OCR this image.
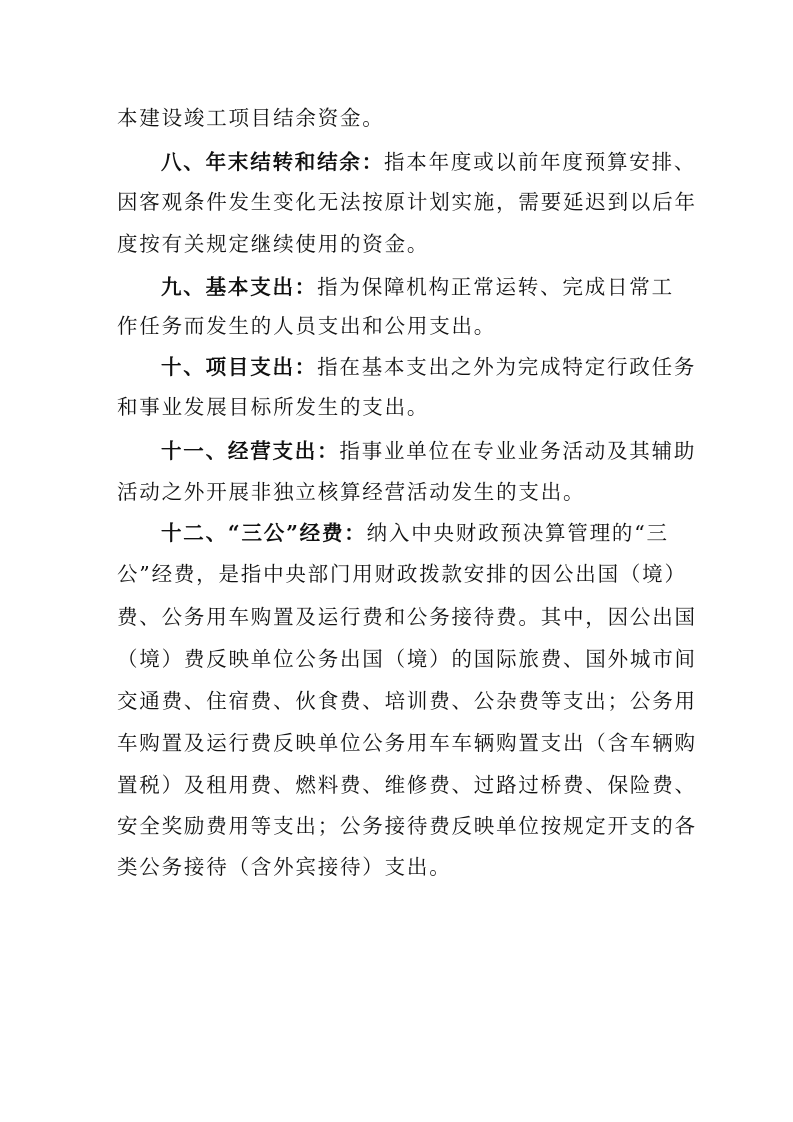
本建设竣工项目结余资金。
八、年末结转和结余：指本年度或以前年度预算安排、
因客观条件发生变化无法按原计划实施，需要延迟到以后年
度按有关规定继续使用的资金。
九、基本支出：指为保障机构正常运转、完成日常工
作任务而发生的人员支出和公用支出。
十、项目支出：指在基本支出之外为完成特定行政任务
和事业发展目标所发生的支出。
十一、经营支出：指事业单位在专业业务活动及其辅助
活动之外开展非独立核算经营活动发生的支出。
十二、“三公”经费：纳入中央财政预决算管理的“三
公”经费，是指中央部门用财政拨款安排的因公出国（境）
费、公务用车购置及运行费和公务接待费。其中，因公出国
（境）费反映单位公务出国（境）的国际旅费、国外城市间
交通费、住宿费、伙食费、培训费、公杂费等支出；公务用
车购置及运行费反映单位公务用车车辆购置支出（含车辆购
置税）及租用费、燃料费、维修费、过路过桥费、保险费、
安全奖励费用等支出；公务接待费反映单位按规定开支的各
类公务接待（含外宾接待）支出。
